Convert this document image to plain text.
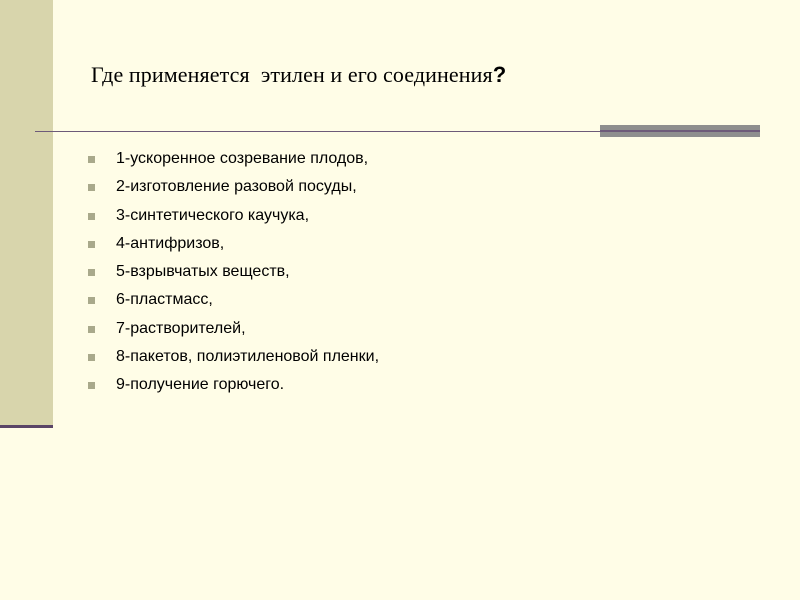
Где применяется  этилен и его соединения?
1-ускоренное созревание плодов,
2-изготовление разовой посуды,
3-синтетического каучука,
4-антифризов,
5-взрывчатых веществ,
6-пластмасс,
7-растворителей,
8-пакетов, полиэтиленовой пленки,
9-получение горючего.
